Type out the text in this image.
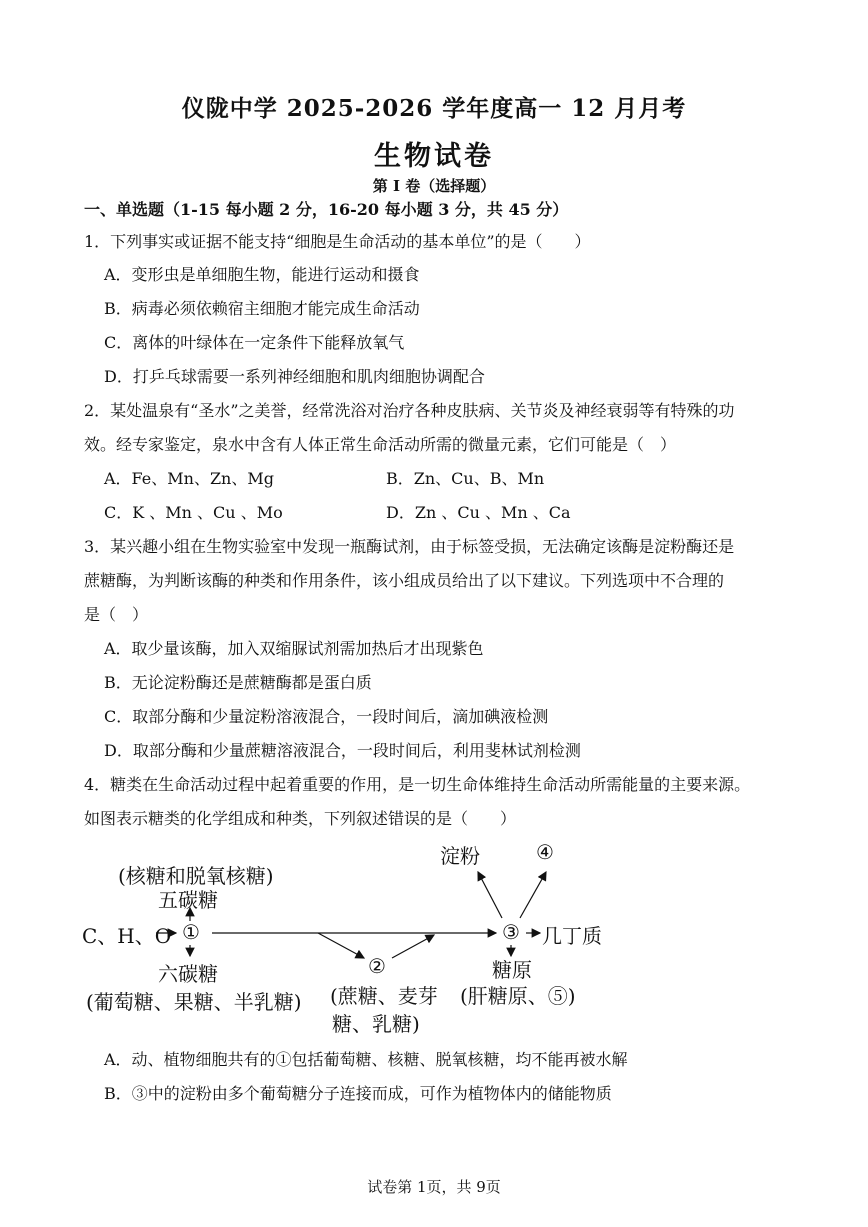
仪陇中学 2025-2026 学年度高一 12 月月考
生物试卷
第 I 卷（选择题）
一、单选题（1-15 每小题 2 分，16-20 每小题 3 分，共 45 分）
1．下列事实或证据不能支持“细胞是生命活动的基本单位”的是（　　）
A．变形虫是单细胞生物，能进行运动和摄食
B．病毒必须依赖宿主细胞才能完成生命活动
C．离体的叶绿体在一定条件下能释放氧气
D．打乒乓球需要一系列神经细胞和肌肉细胞协调配合
2．某处温泉有“圣水”之美誉，经常洗浴对治疗各种皮肤病、关节炎及神经衰弱等有特殊的功
效。经专家鉴定，泉水中含有人体正常生命活动所需的微量元素，它们可能是（　）
A．Fe、Mn、Zn、Mg	B．Zn、Cu、B、Mn
C．K 、Mn 、Cu 、Mo	D．Zn 、Cu 、Mn 、Ca
3．某兴趣小组在生物实验室中发现一瓶酶试剂，由于标签受损，无法确定该酶是淀粉酶还是
蔗糖酶，为判断该酶的种类和作用条件，该小组成员给出了以下建议。下列选项中不合理的
是（　）
A．取少量该酶，加入双缩脲试剂需加热后才出现紫色
B．无论淀粉酶还是蔗糖酶都是蛋白质
C．取部分酶和少量淀粉溶液混合，一段时间后，滴加碘液检测
D．取部分酶和少量蔗糖溶液混合，一段时间后，利用斐林试剂检测
4．糖类在生命活动过程中起着重要的作用，是一切生命体维持生命活动所需能量的主要来源。
如图表示糖类的化学组成和种类，下列叙述错误的是（　　）
淀粉	④
(核糖和脱氧核糖)
五碳糖
C、H、O ①	③ 几丁质
六碳糖	②	糖原
(葡萄糖、果糖、半乳糖) (蔗糖、麦芽 (肝糖原、⑤)
糖、乳糖)
A．动、植物细胞共有的①包括葡萄糖、核糖、脱氧核糖，均不能再被水解
B．③中的淀粉由多个葡萄糖分子连接而成，可作为植物体内的储能物质
试卷第 1页，共 9页
